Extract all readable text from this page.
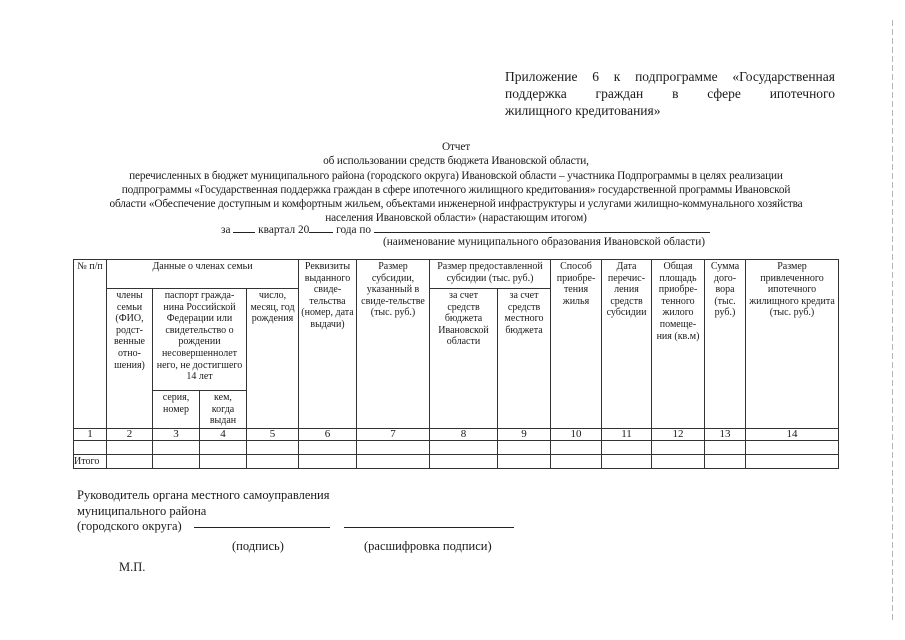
Приложение 6 к подпрограмме «Государственная
поддержка граждан в сфере ипотечного
жилищного кредитования»
Отчет
об использовании средств бюджета Ивановской области,
перечисленных в бюджет муниципального района (городского округа) Ивановской области – участника Подпрограммы в целях реализации
подпрограммы «Государственная поддержка граждан в сфере ипотечного жилищного кредитования» государственной программы Ивановской
области «Обеспечение доступным и комфортным жильем, объектами инженерной инфраструктуры и услугами жилищно-коммунального хозяйства
населения Ивановской области» (нарастающим итогом)
за квартал 20 года по
(наименование муниципального образования Ивановской области)
№ п/п	Данные о членах семьи				Реквизиты выданного свиде-тельства (номер, дата выдачи)	Размер субсидии, указанный в свиде-тельстве (тыс. руб.)	Размер предоставленной субсидии (тыс. руб.)		Способ приобре-тения жилья	Дата перечис-ления средств субсидии	Общая площадь приобре-тенного жилого помеще-ния (кв.м)	Сумма дого-вора (тыс. руб.)	Размер привлеченного ипотечного жилищного кредита (тыс. руб.)
	члены семьи (ФИО, родст-венные отно-шения)	паспорт гражда-нина Российской Федерации или свидетельство о рождении несовершеннолет него, не достигшего 14 лет		число, месяц, год рождения			за счет средств бюджета Ивановской области	за счет средств местного бюджета					
		серия, номер	кем, когда выдан										
1	2	3	4	5	6	7	8	9	10	11	12	13	14

Итого													
Руководитель органа местного самоуправления
муниципального района
(городского округа)
(подпись)	(расшифровка подписи)
М.П.
